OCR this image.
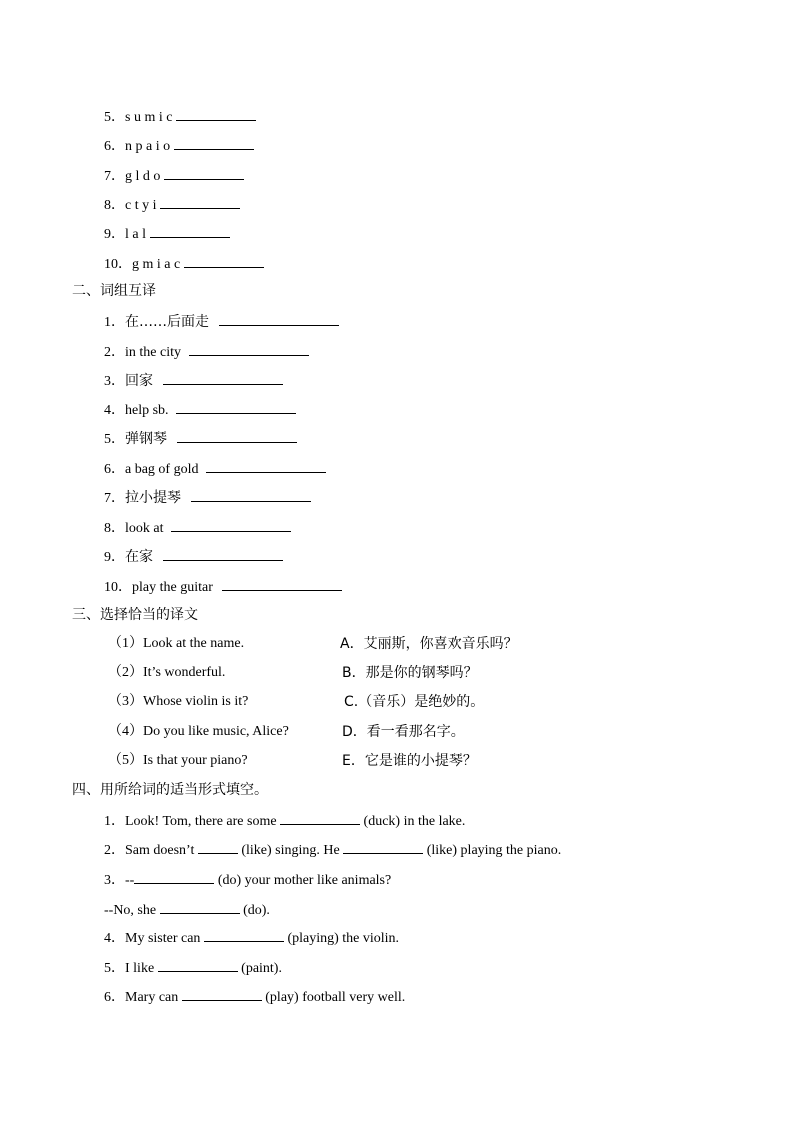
5．s u m i c
6．n p a i o
7．g l d o
8．c t y i
9．l a l
10．g m i a c
二、词组互译
1．在……后面走
2．in the city
3．回家
4．help sb.
5．弹钢琴
6．a bag of gold
7．拉小提琴
8．look at
9．在家
10．play the guitar
三、选择恰当的译文
（1）Look at the name.	A．艾丽斯，你喜欢音乐吗？
（2）It’s wonderful.	B．那是你的钢琴吗？
（3）Whose violin is it?	C.（音乐）是绝妙的。
（4）Do you like music, Alice?	D．看一看那名字。
（5）Is that your piano?	E．它是谁的小提琴？
四、用所给词的适当形式填空。
1．Look! Tom, there are some	(duck) in the lake.
2．Sam doesn’t	(like) singing. He	(like) playing the piano.
3．--	(do) your mother like animals?
--No, she	(do).
4．My sister can	(playing) the violin.
5．I like	(paint).
6．Mary can	(play) football very well.
